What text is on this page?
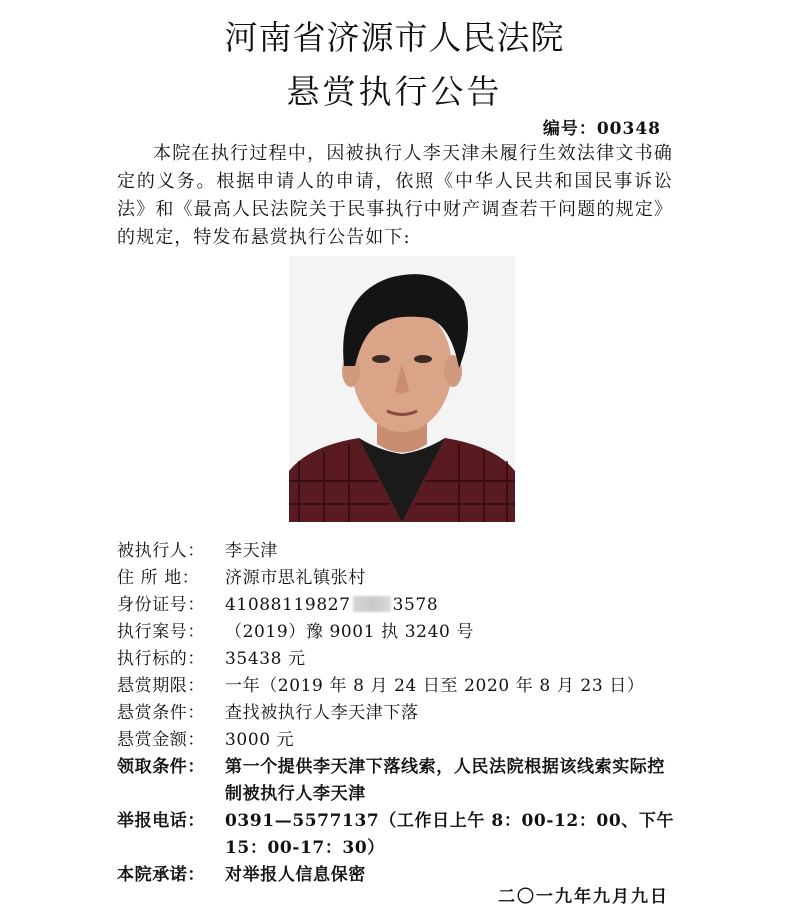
河南省济源市人民法院
悬赏执行公告
编号：00348
本院在执行过程中，因被执行人李天津未履行生效法律文书确定的义务。根据申请人的申请，依照《中华人民共和国民事诉讼法》和《最高人民法院关于民事执行中财产调查若干问题的规定》的规定，特发布悬赏执行公告如下:
被执行人：	李天津
住 所 地：	济源市思礼镇张村
身份证号：	41088119827 3578
执行案号：	（2019）豫 9001 执 3240 号
执行标的：	35438 元
悬赏期限：	一年（2019 年 8 月 24 日至 2020 年 8 月 23 日）
悬赏条件：	查找被执行人李天津下落
悬赏金额：	3000 元
领取条件：	第一个提供李天津下落线索，人民法院根据该线索实际控制被执行人李天津
举报电话：	0391—5577137（工作日上午 8：00-12：00、下午 15：00-17：30）
本院承诺：	对举报人信息保密
二〇一九年九月九日
